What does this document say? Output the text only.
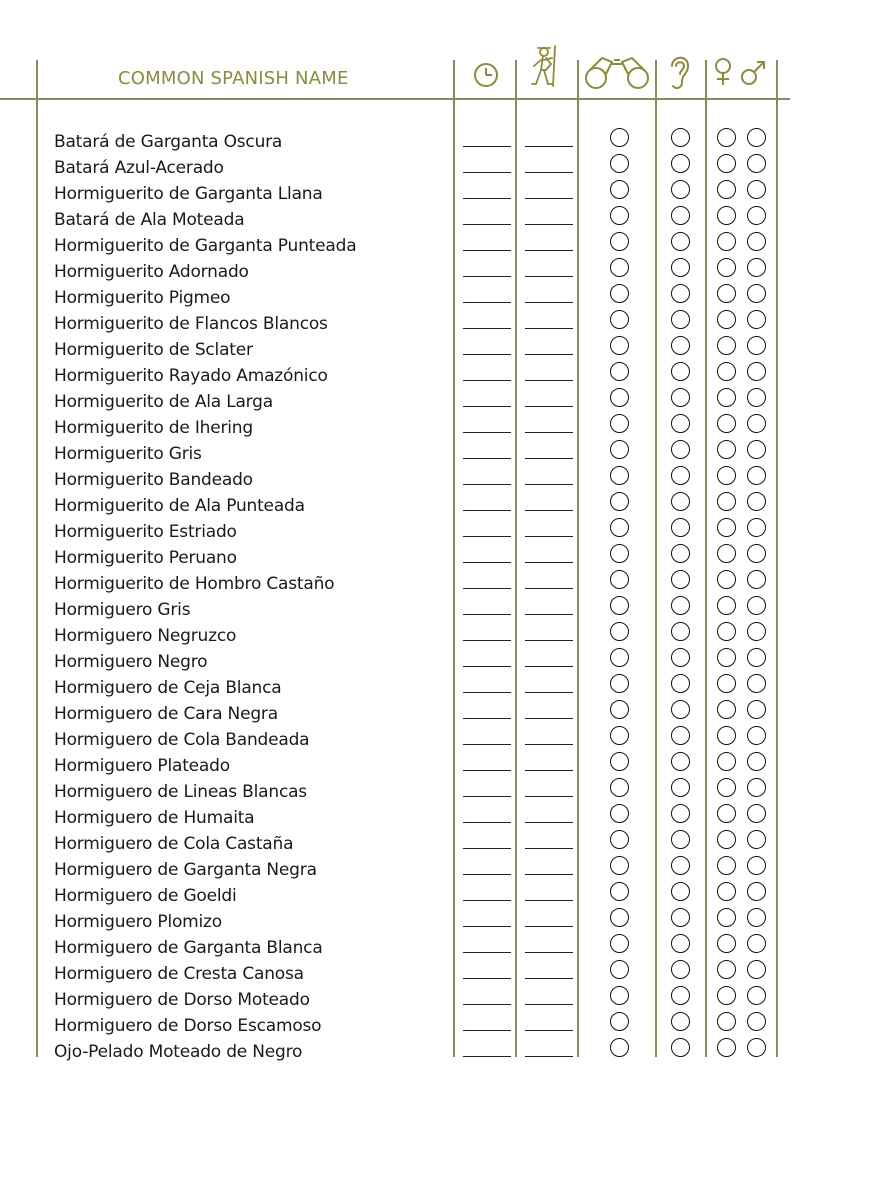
COMMON SPANISH NAME
Batará de Garganta Oscura
Batará Azul-Acerado
Hormiguerito de Garganta Llana
Batará de Ala Moteada
Hormiguerito de Garganta Punteada
Hormiguerito Adornado
Hormiguerito Pigmeo
Hormiguerito de Flancos Blancos
Hormiguerito de Sclater
Hormiguerito Rayado Amazónico
Hormiguerito de Ala Larga
Hormiguerito de Ihering
Hormiguerito Gris
Hormiguerito Bandeado
Hormiguerito de Ala Punteada
Hormiguerito Estriado
Hormiguerito Peruano
Hormiguerito de Hombro Castaño
Hormiguero Gris
Hormiguero Negruzco
Hormiguero Negro
Hormiguero de Ceja Blanca
Hormiguero de Cara Negra
Hormiguero de Cola Bandeada
Hormiguero Plateado
Hormiguero de Lineas Blancas
Hormiguero de Humaita
Hormiguero de Cola Castaña
Hormiguero de Garganta Negra
Hormiguero de Goeldi
Hormiguero Plomizo
Hormiguero de Garganta Blanca
Hormiguero de Cresta Canosa
Hormiguero de Dorso Moteado
Hormiguero de Dorso Escamoso
Ojo-Pelado Moteado de Negro
